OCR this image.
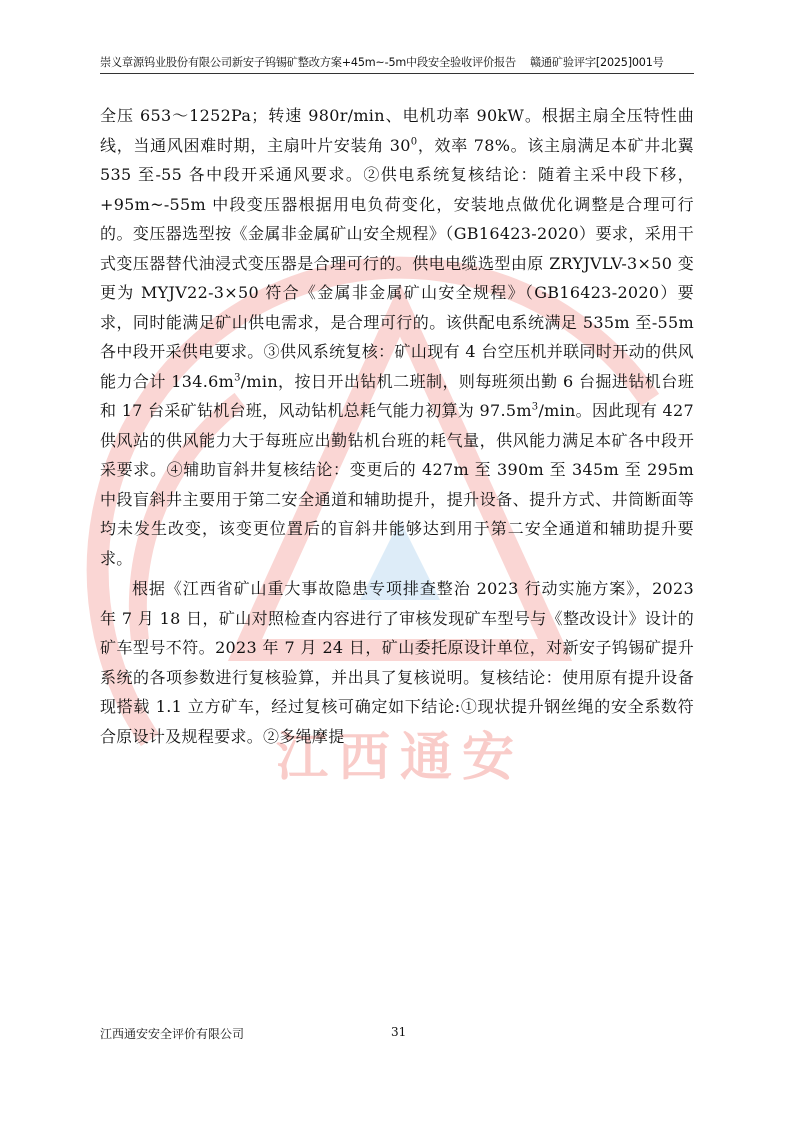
崇义章源钨业股份有限公司新安子钨锡矿整改方案+45m~-5m中段安全验收评价报告 赣通矿验评字[2025]001号
江西通安

全压 653～1252Pa；转速 980r/min、电机功率 90kW。根据主扇全压特性曲线，当通风困难时期，主扇叶片安装角 $30^0$，效率 78%。该主扇满足本矿井北翼 535 至-55 各中段开采通风要求。②供电系统复核结论：随着主采中段下移，+95m~-55m 中段变压器根据用电负荷变化，安装地点做优化调整是合理可行的。变压器选型按《金属非金属矿山安全规程》（GB16423-2020）要求，采用干式变压器替代油浸式变压器是合理可行的。供电电缆选型由原 ZRYJVLV-3×50 变更为 MYJV22-3×50 符合《金属非金属矿山安全规程》（GB16423-2020）要求，同时能满足矿山供电需求，是合理可行的。该供配电系统满足 535m 至-55m 各中段开采供电要求。③供风系统复核：矿山现有 4 台空压机并联同时开动的供风能力合计 $134.6m^3/\min$，按日开出钻机二班制，则每班须出勤 6 台掘进钻机台班和 17 台采矿钻机台班，风动钻机总耗气能力初算为 $97.5m^3/\min$。因此现有 427 供风站的供风能力大于每班应出勤钻机台班的耗气量，供风能力满足本矿各中段开采要求。④辅助盲斜井复核结论：变更后的 427m 至 390m 至 345m 至 295m 中段盲斜井主要用于第二安全通道和辅助提升，提升设备、提升方式、井筒断面等均未发生改变，该变更位置后的盲斜井能够达到用于第二安全通道和辅助提升要求。

根据《江西省矿山重大事故隐患专项排查整治 2023 行动实施方案》，2023 年 7 月 18 日，矿山对照检查内容进行了审核发现矿车型号与《整改设计》设计的矿车型号不符。2023 年 7 月 24 日，矿山委托原设计单位，对新安子钨锡矿提升系统的各项参数进行复核验算，并出具了复核说明。复核结论：使用原有提升设备现搭载 1.1 立方矿车，经过复核可确定如下结论:①现状提升钢丝绳的安全系数符合原设计及规程要求。②多绳摩提

江西通安安全评价有限公司	31
